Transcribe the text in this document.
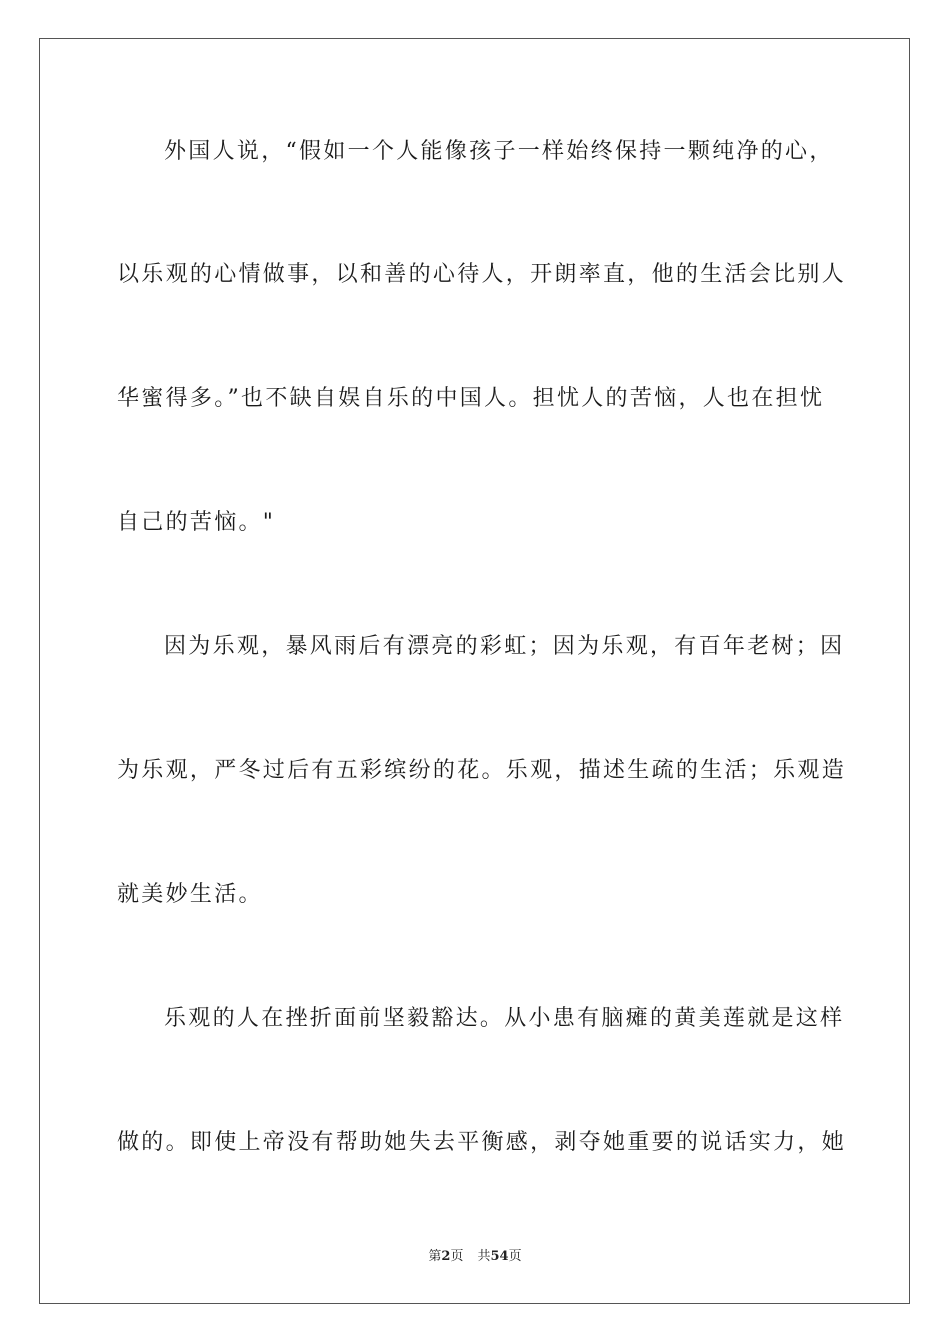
外国人说，“假如一个人能像孩子一样始终保持一颗纯净的心，
以乐观的心情做事，以和善的心待人，开朗率直，他的生活会比别人
华蜜得多。”也不缺自娱自乐的中国人。担忧人的苦恼，人也在担忧
自己的苦恼。"
因为乐观，暴风雨后有漂亮的彩虹；因为乐观，有百年老树；因
为乐观，严冬过后有五彩缤纷的花。乐观，描述生疏的生活；乐观造
就美妙生活。
乐观的人在挫折面前坚毅豁达。从小患有脑瘫的黄美莲就是这样
做的。即使上帝没有帮助她失去平衡感，剥夺她重要的说话实力，她
第2页 共54页
